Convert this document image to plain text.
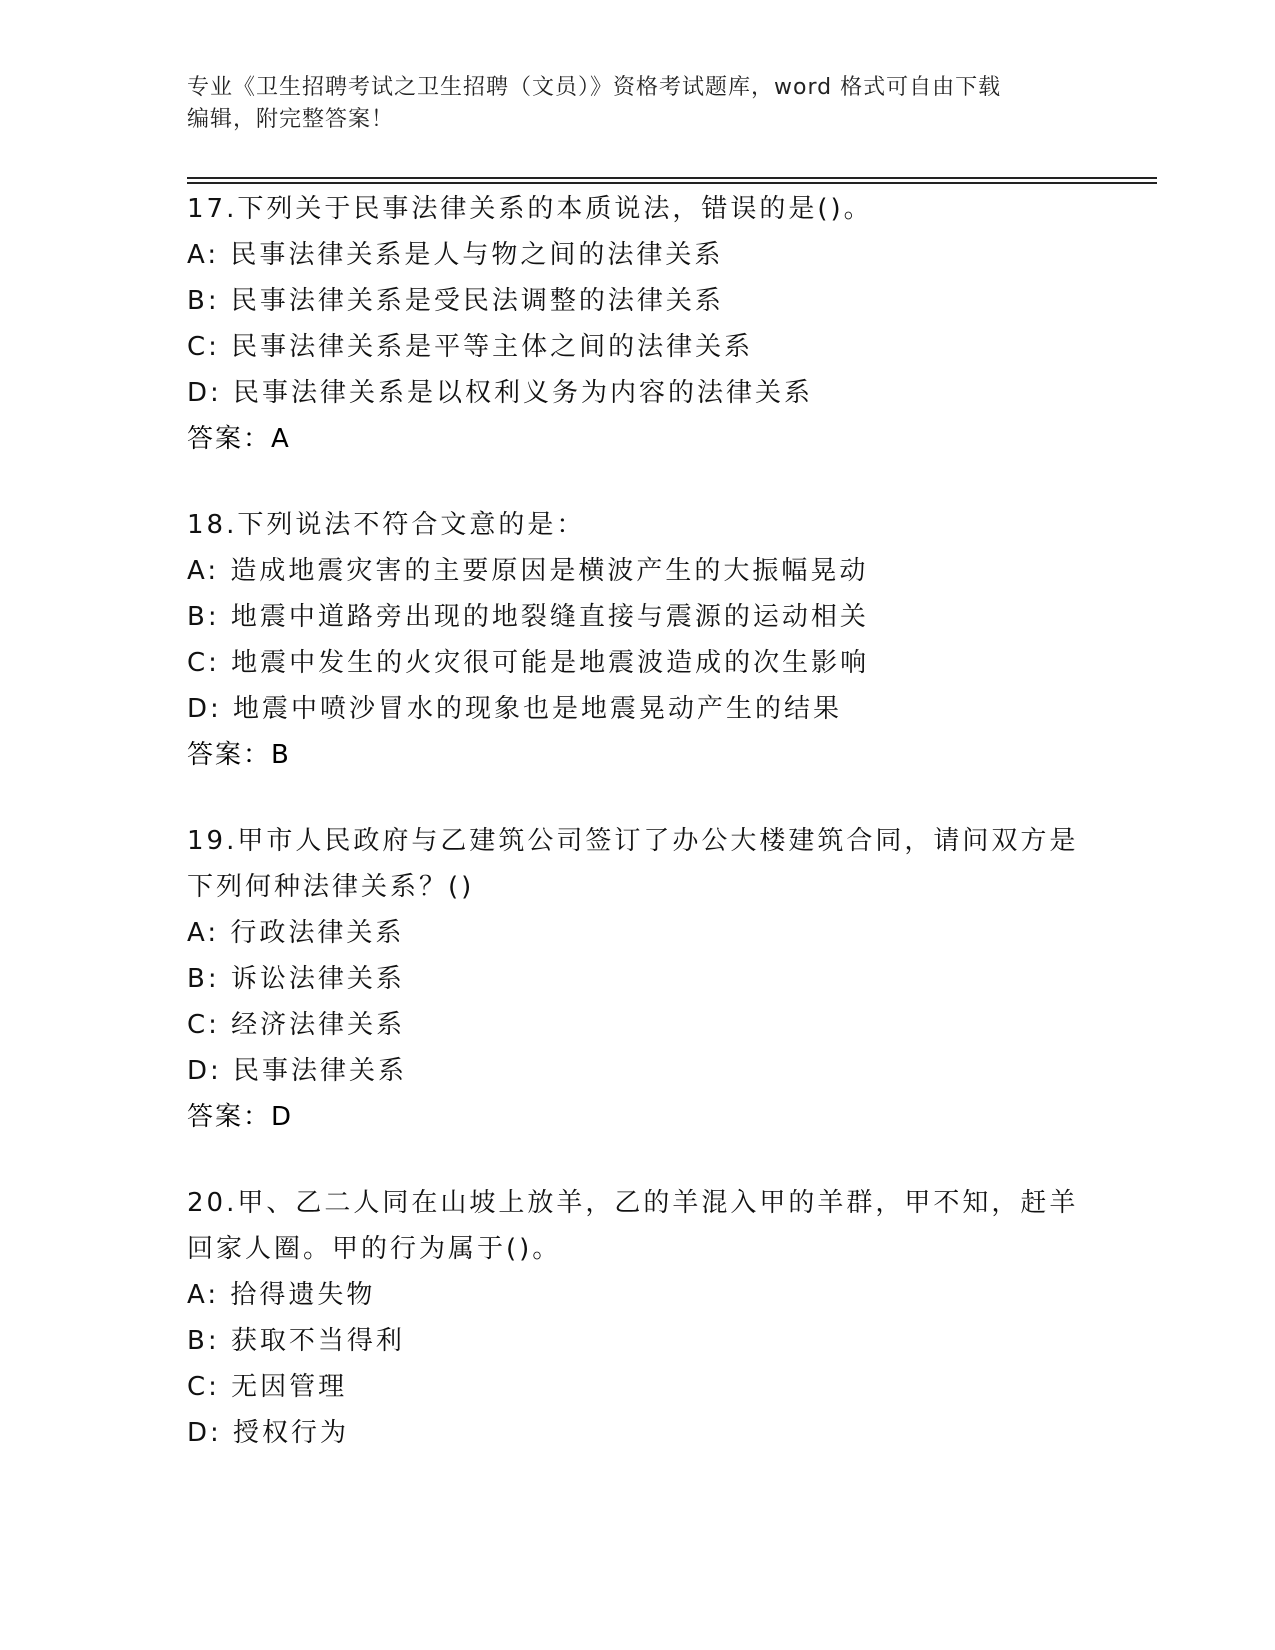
专业《卫生招聘考试之卫生招聘（文员）》资格考试题库，word 格式可自由下载
编辑，附完整答案！
17.下列关于民事法律关系的本质说法，错误的是()。
A: 民事法律关系是人与物之间的法律关系
B: 民事法律关系是受民法调整的法律关系
C: 民事法律关系是平等主体之间的法律关系
D: 民事法律关系是以权利义务为内容的法律关系
答案：A
18.下列说法不符合文意的是：
A: 造成地震灾害的主要原因是横波产生的大振幅晃动
B: 地震中道路旁出现的地裂缝直接与震源的运动相关
C: 地震中发生的火灾很可能是地震波造成的次生影响
D: 地震中喷沙冒水的现象也是地震晃动产生的结果
答案：B
19.甲市人民政府与乙建筑公司签订了办公大楼建筑合同，请问双方是
下列何种法律关系？()
A: 行政法律关系
B: 诉讼法律关系
C: 经济法律关系
D: 民事法律关系
答案：D
20.甲、乙二人同在山坡上放羊，乙的羊混入甲的羊群，甲不知，赶羊
回家人圈。甲的行为属于()。
A: 拾得遗失物
B: 获取不当得利
C: 无因管理
D: 授权行为
